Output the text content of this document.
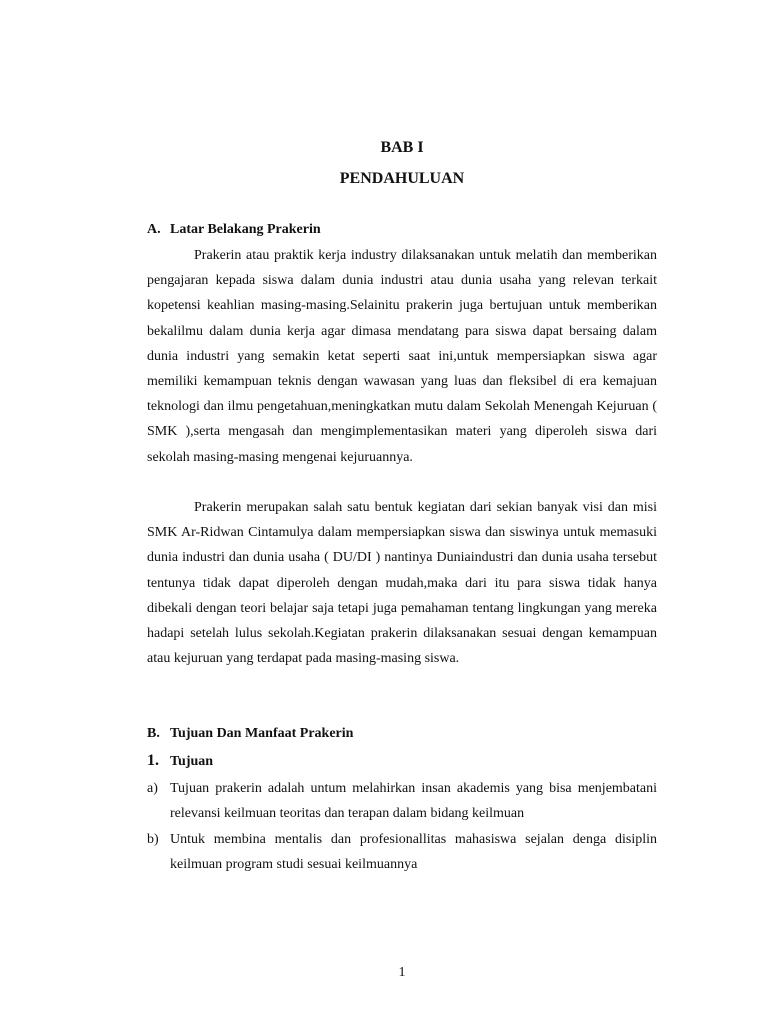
BAB I
PENDAHULUAN
A. Latar Belakang Prakerin

Prakerin atau praktik kerja industry dilaksanakan untuk melatih dan memberikan pengajaran kepada siswa dalam dunia industri atau dunia usaha yang relevan terkait kopetensi keahlian masing-masing.Selainitu prakerin juga bertujuan untuk memberikan bekalilmu dalam dunia kerja agar dimasa mendatang para siswa dapat bersaing dalam dunia industri yang semakin ketat seperti saat ini,untuk mempersiapkan siswa agar memiliki kemampuan teknis dengan wawasan yang luas dan fleksibel di era kemajuan teknologi dan ilmu pengetahuan,meningkatkan mutu dalam Sekolah Menengah Kejuruan ( SMK ),serta mengasah dan mengimplementasikan materi yang diperoleh siswa dari sekolah masing-masing mengenai kejuruannya.

Prakerin merupakan salah satu bentuk kegiatan dari sekian banyak visi dan misi SMK Ar-Ridwan Cintamulya dalam mempersiapkan siswa dan siswinya untuk memasuki dunia industri dan dunia usaha ( DU/DI ) nantinya Duniaindustri dan dunia usaha tersebut tentunya tidak dapat diperoleh dengan mudah,maka dari itu para siswa tidak hanya dibekali dengan teori belajar saja tetapi juga pemahaman tentang lingkungan yang mereka hadapi setelah lulus sekolah.Kegiatan prakerin dilaksanakan sesuai dengan kemampuan atau kejuruan yang terdapat pada masing-masing siswa.

B. Tujuan Dan Manfaat Prakerin
1. Tujuan
a) Tujuan prakerin adalah untum melahirkan insan akademis yang bisa menjembatani relevansi keilmuan teoritas dan terapan dalam bidang keilmuan
b) Untuk membina mentalis dan profesionallitas mahasiswa sejalan denga disiplin keilmuan program studi sesuai keilmuannya
1
